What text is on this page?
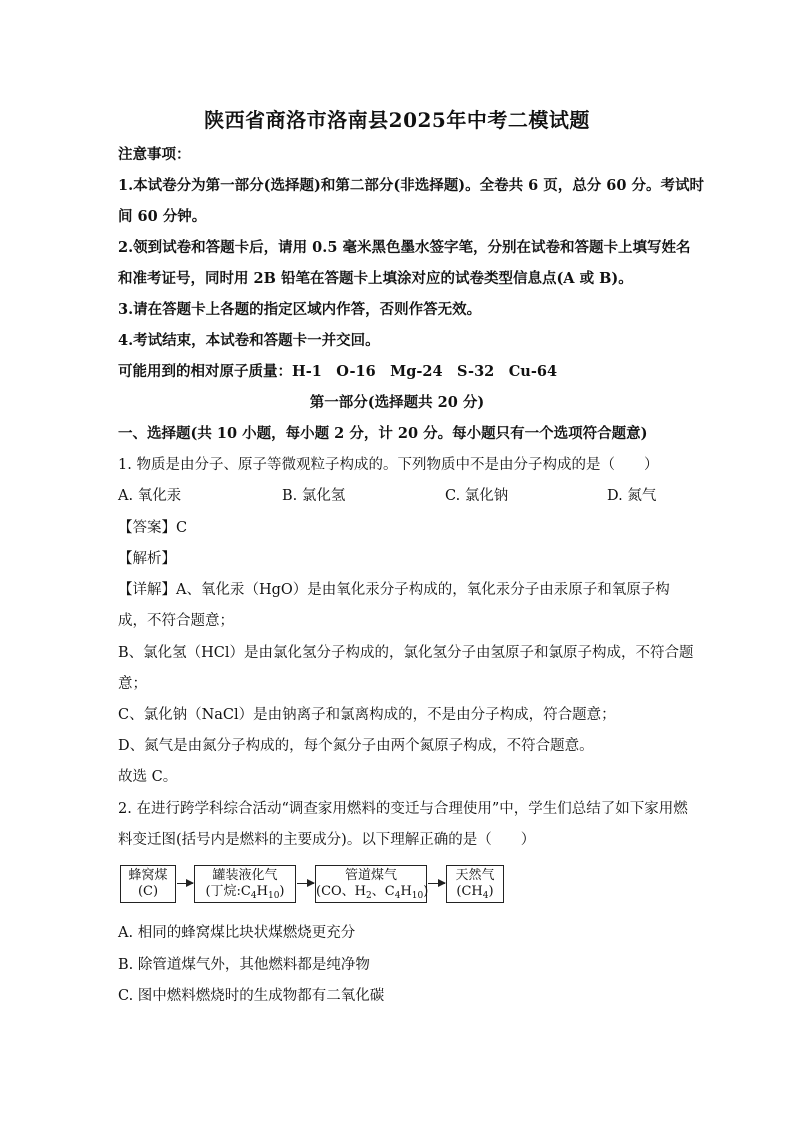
陕西省商洛市洛南县2025年中考二模试题
注意事项：
1.本试卷分为第一部分(选择题)和第二部分(非选择题)。全卷共 6 页，总分 60 分。考试时
间 60 分钟。
2.领到试卷和答题卡后，请用 0.5 毫米黑色墨水签字笔，分别在试卷和答题卡上填写姓名
和准考证号，同时用 2B 铅笔在答题卡上填涂对应的试卷类型信息点(A 或 B)。
3.请在答题卡上各题的指定区域内作答，否则作答无效。
4.考试结束，本试卷和答题卡一并交回。
可能用到的相对原子质量：H-1　O-16　Mg-24　S-32　Cu-64
第一部分(选择题共 20 分)
一、选择题(共 10 小题，每小题 2 分，计 20 分。每小题只有一个选项符合题意)
1. 物质是由分子、原子等微观粒子构成的。下列物质中不是由分子构成的是（　　）
A. 氧化汞	B. 氯化氢	C. 氯化钠	D. 氮气
【答案】C
【解析】
【详解】A、氧化汞（HgO）是由氧化汞分子构成的，氧化汞分子由汞原子和氧原子构
成，不符合题意；
B、氯化氢（HCl）是由氯化氢分子构成的，氯化氢分子由氢原子和氯原子构成，不符合题
意；
C、氯化钠（NaCl）是由钠离子和氯离构成的，不是由分子构成，符合题意；
D、氮气是由氮分子构成的，每个氮分子由两个氮原子构成，不符合题意。
故选 C。
2. 在进行跨学科综合活动“调查家用燃料的变迁与合理使用”中，学生们总结了如下家用燃
料变迁图(括号内是燃料的主要成分)。以下理解正确的是（　　）
蜂窝煤
(C)
罐装液化气
(丁烷$:C_4H_{10}$)
管道煤气
(CO、$H_2$、$C_4H_{10}$)
天然气
$(CH_4)$
A. 相同的蜂窝煤比块状煤燃烧更充分
B. 除管道煤气外，其他燃料都是纯净物
C. 图中燃料燃烧时的生成物都有二氧化碳
